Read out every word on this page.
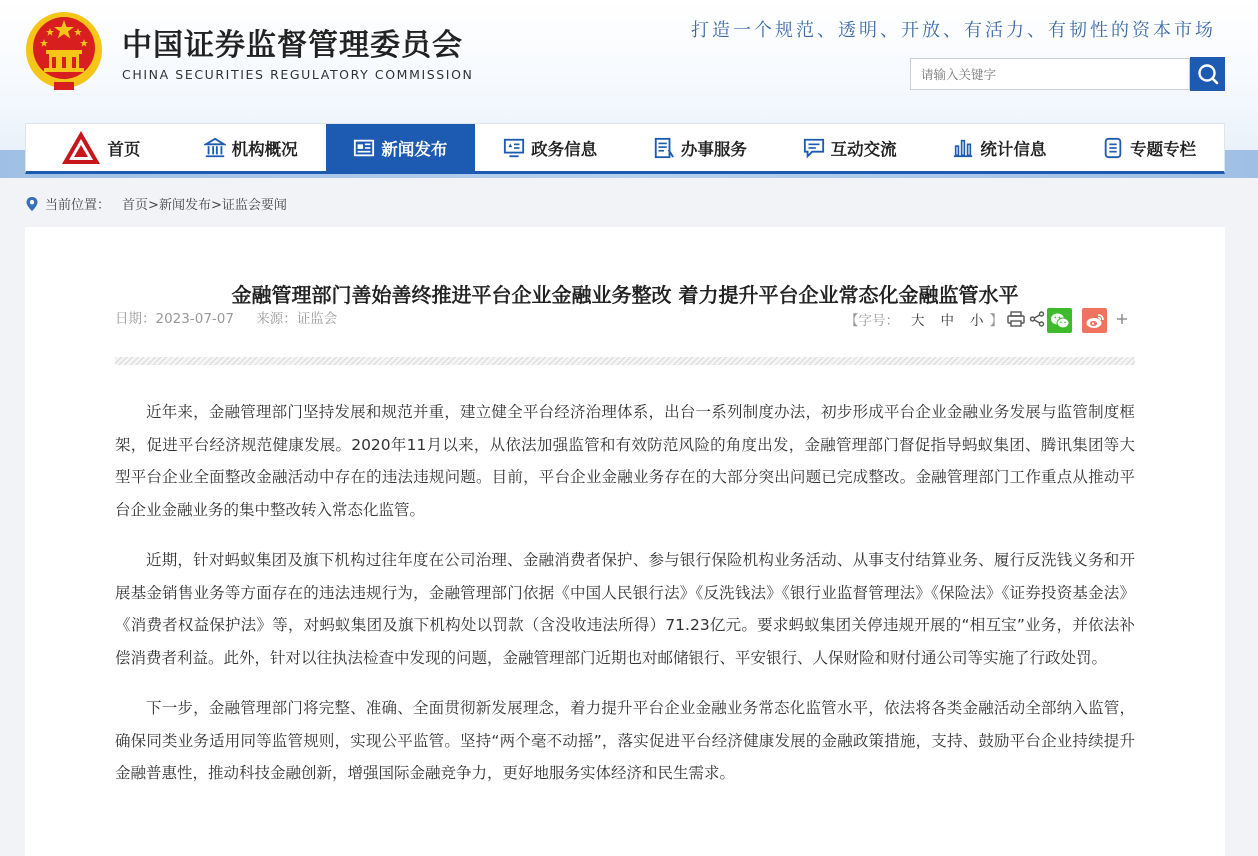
中国证券监督管理委员会
CHINA SECURITIES REGULATORY COMMISSION
打造一个规范、透明、开放、有活力、有韧性的资本市场
请输入关键字
首页	机构概况	新闻发布	政务信息	办事服务	互动交流	统计信息	专题专栏
当前位置： 首页>新闻发布>证监会要闻
金融管理部门善始善终推进平台企业金融业务整改 着力提升平台企业常态化金融监管水平
日期：2023-07-07 来源：证监会	【字号： 大 中 小 】

近年来，金融管理部门坚持发展和规范并重，建立健全平台经济治理体系，出台一系列制度办法，初步形成平台企业金融业务发展与监管制度框架，促进平台经济规范健康发展。2020年11月以来，从依法加强监管和有效防范风险的角度出发，金融管理部门督促指导蚂蚁集团、腾讯集团等大型平台企业全面整改金融活动中存在的违法违规问题。目前，平台企业金融业务存在的大部分突出问题已完成整改。金融管理部门工作重点从推动平台企业金融业务的集中整改转入常态化监管。

近期，针对蚂蚁集团及旗下机构过往年度在公司治理、金融消费者保护、参与银行保险机构业务活动、从事支付结算业务、履行反洗钱义务和开展基金销售业务等方面存在的违法违规行为，金融管理部门依据《中国人民银行法》《反洗钱法》《银行业监督管理法》《保险法》《证券投资基金法》《消费者权益保护法》等，对蚂蚁集团及旗下机构处以罚款（含没收违法所得）71.23亿元。要求蚂蚁集团关停违规开展的“相互宝”业务，并依法补偿消费者利益。此外，针对以往执法检查中发现的问题，金融管理部门近期也对邮储银行、平安银行、人保财险和财付通公司等实施了行政处罚。

下一步，金融管理部门将完整、准确、全面贯彻新发展理念，着力提升平台企业金融业务常态化监管水平，依法将各类金融活动全部纳入监管，确保同类业务适用同等监管规则，实现公平监管。坚持“两个毫不动摇”，落实促进平台经济健康发展的金融政策措施，支持、鼓励平台企业持续提升金融普惠性，推动科技金融创新，增强国际金融竞争力，更好地服务实体经济和民生需求。
